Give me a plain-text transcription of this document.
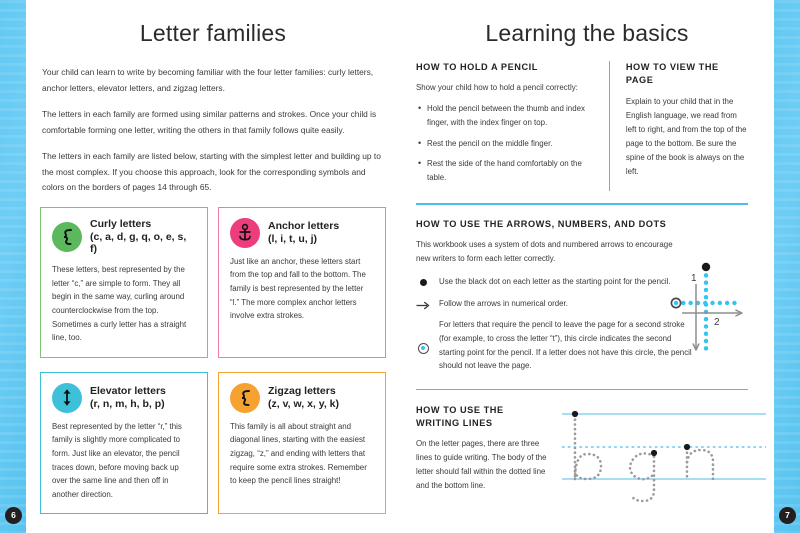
6
Letter families

Your child can learn to write by becoming familiar with the four letter families: curly letters, anchor letters, elevator letters, and zigzag letters.

The letters in each family are formed using similar patterns and strokes. Once your child is comfortable forming one letter, writing the others in that family follows quite easily.

The letters in each family are listed below, starting with the simplest letter and building up to the most complex. If you choose this approach, look for the corresponding symbols and colors on the borders of pages 14 through 65.

Curly letters
(c, a, d, g, q, o, e, s, f)
These letters, best represented by the letter “c,” are simple to form. They all begin in the same way, curling around counterclockwise from the top. Sometimes a curly letter has a straight line, too.
Anchor letters
(l, i, t, u, j)
Just like an anchor, these letters start from the top and fall to the bottom. The family is best represented by the letter “l.” The more complex anchor letters involve extra strokes.
Elevator letters
(r, n, m, h, b, p)
Best represented by the letter “r,” this family is slightly more complicated to form. Just like an elevator, the pencil traces down, before moving back up over the same line and then off in another direction.
Zigzag letters
(z, v, w, x, y, k)
This family is all about straight and diagonal lines, starting with the easiest zigzag, “z,” and ending with letters that require some extra strokes. Remember to keep the pencil lines straight!
Learning the basics
HOW TO HOLD A PENCIL
Show your child how to hold a pencil correctly:
• Hold the pencil between the thumb and index finger, with the index finger on top.
• Rest the pencil on the middle finger.
• Rest the side of the hand comfortably on the table.
HOW TO VIEW THE PAGE
Explain to your child that in the English language, we read from left to right, and from the top of the page to the bottom. Be sure the spine of the book is always on the left.
HOW TO USE THE ARROWS, NUMBERS, AND DOTS
This workbook uses a system of dots and numbered arrows to encourage new writers to form each letter correctly.
Use the black dot on each letter as the starting point for the pencil.
Follow the arrows in numerical order.
For letters that require the pencil to leave the page for a second stroke (for example, to cross the letter “t”), this circle indicates the second starting point for the pencil. If a letter does not have this circle, the pencil should not leave the page.
1
2
HOW TO USE THE
WRITING LINES
On the letter pages, there are three lines to guide writing. The body of the letter should fall within the dotted line and the bottom line.
7
